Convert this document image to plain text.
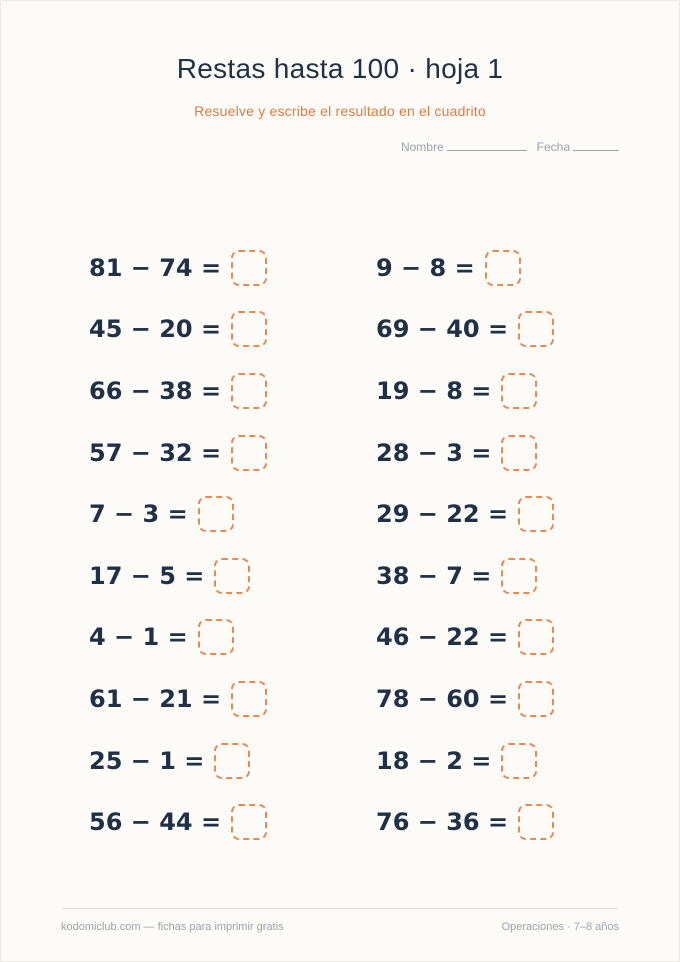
Restas hasta 100 · hoja 1
Resuelve y escribe el resultado en el cuadrito
Nombre	Fecha
81 − 74 =
45 − 20 =
66 − 38 =
57 − 32 =
7 − 3 =
17 − 5 =
4 − 1 =
61 − 21 =
25 − 1 =
56 − 44 =
9 − 8 =
69 − 40 =
19 − 8 =
28 − 3 =
29 − 22 =
38 − 7 =
46 − 22 =
78 − 60 =
18 − 2 =
76 − 36 =
kodomiclub.com — fichas para imprimir gratis	Operaciones · 7–8 años
